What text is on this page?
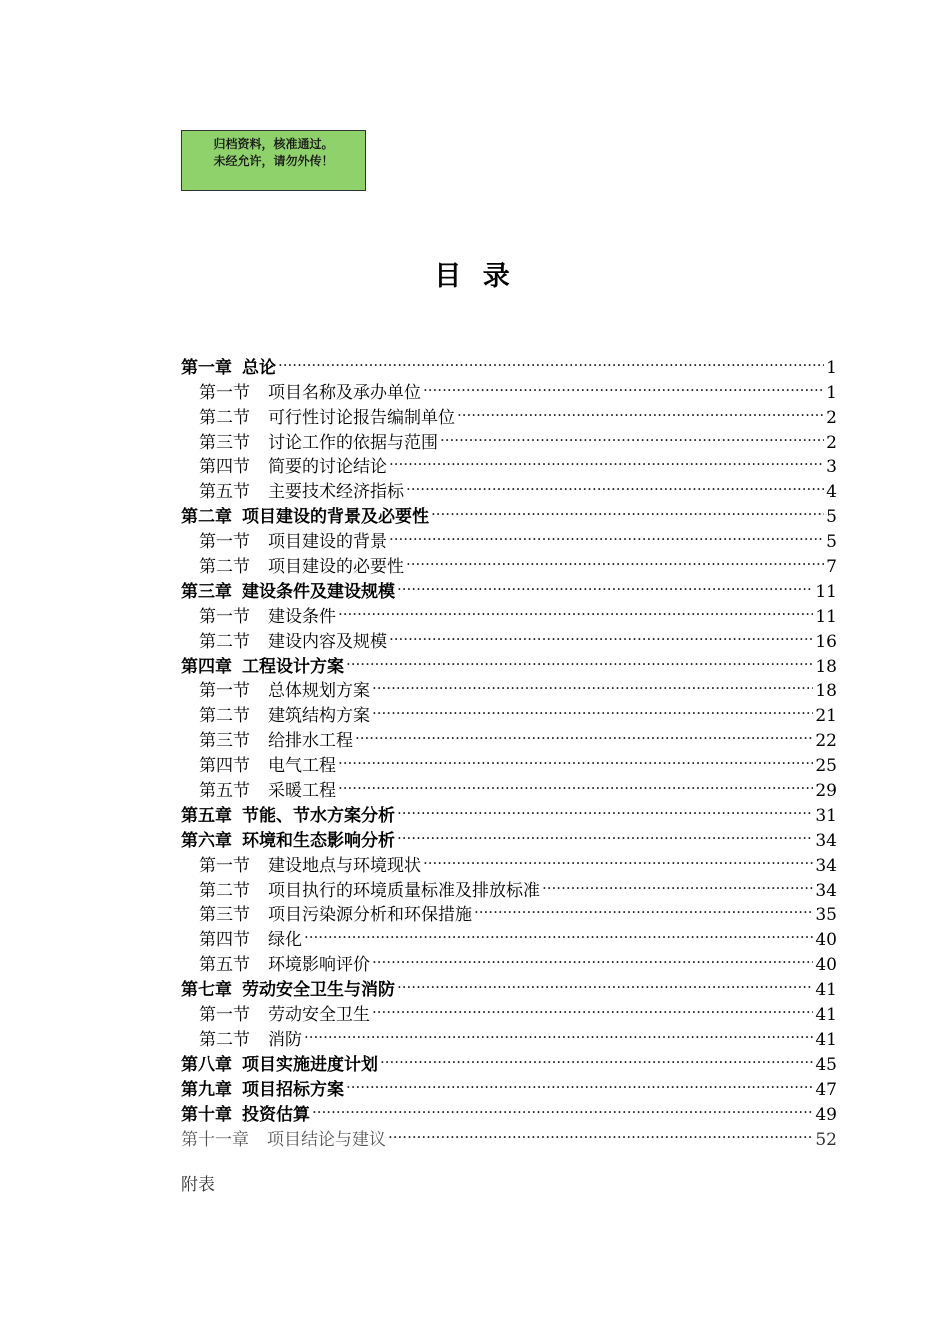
归档资料，核准通过。
未经允许，请勿外传！
目 录
第一章 总论 .....	1
第一节 项目名称及承办单位 .....	1
第二节 可行性讨论报告编制单位 .....	2
第三节 讨论工作的依据与范围 .....	2
第四节 简要的讨论结论 .....	3
第五节 主要技术经济指标 .....	4
第二章 项目建设的背景及必要性 .....	5
第一节 项目建设的背景 .....	5
第二节 项目建设的必要性 .....	7
第三章 建设条件及建设规模 .....	11
第一节 建设条件 .....	11
第二节 建设内容及规模 .....	16
第四章 工程设计方案 .....	18
第一节 总体规划方案 .....	18
第二节 建筑结构方案 .....	21
第三节 给排水工程 .....	22
第四节 电气工程 .....	25
第五节 采暖工程 .....	29
第五章 节能、节水方案分析 .....	31
第六章 环境和生态影响分析 .....	34
第一节 建设地点与环境现状 .....	34
第二节 项目执行的环境质量标准及排放标准 .....	34
第三节 项目污染源分析和环保措施 .....	35
第四节 绿化 .....	40
第五节 环境影响评价 .....	40
第七章 劳动安全卫生与消防 .....	41
第一节 劳动安全卫生 .....	41
第二节 消防 .....	41
第八章 项目实施进度计划 .....	45
第九章 项目招标方案 .....	47
第十章 投资估算 .....	49
第十一章 项目结论与建议 .....	52
附表
